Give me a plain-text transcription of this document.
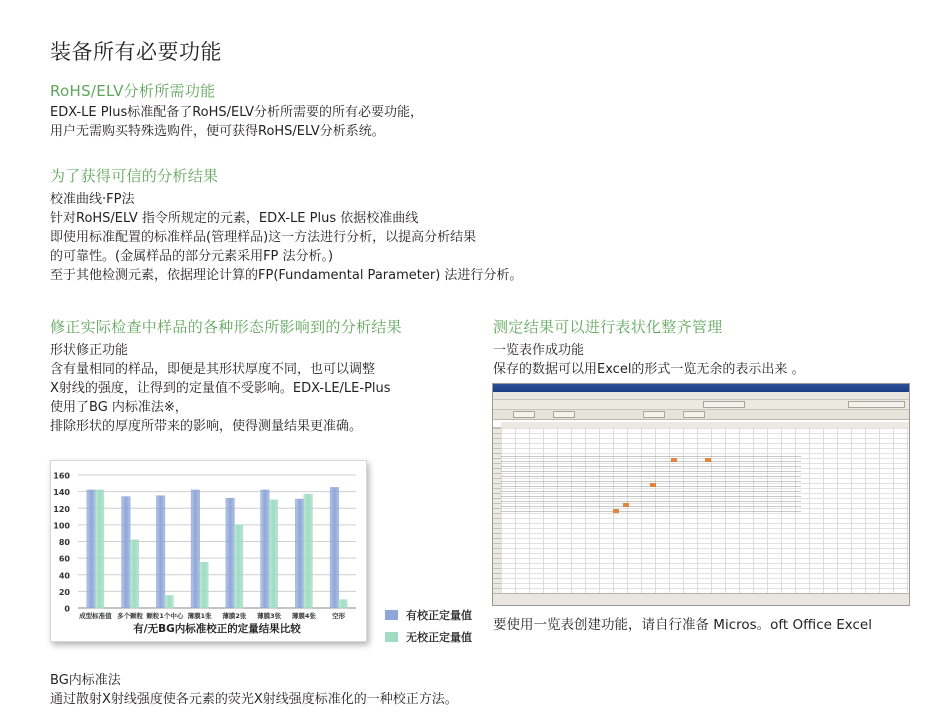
装备所有必要功能
RoHS/ELV分析所需功能
EDX-LE Plus标准配备了RoHS/ELV分析所需要的所有必要功能，
用户无需购买特殊选购件，便可获得RoHS/ELV分析系统。
为了获得可信的分析结果
校准曲线·FP法
针对RoHS/ELV 指令所规定的元素，EDX-LE Plus 依据校准曲线
即使用标准配置的标准样品(管理样品)这一方法进行分析，以提高分析结果
的可靠性。(金属样品的部分元素采用FP 法分析。)
至于其他检测元素，依据理论计算的FP(Fundamental Parameter) 法进行分析。
修正实际检查中样品的各种形态所影响到的分析结果
形状修正功能
含有量相同的样品，即便是其形状厚度不同，也可以调整
X射线的强度，让得到的定量值不受影响。EDX-LE/LE-Plus
使用了BG 内标准法※，
排除形状的厚度所带来的影响，使得测量结果更准确。
测定结果可以进行表状化整齐管理
一览表作成功能
保存的数据可以用Excel的形式一览无余的表示出来 。
0
20
40
60
80
100
120
140
160
成型标准值 多个颗粒 颗粒1个中心 薄膜1张 薄膜2张 薄膜3张 薄膜4张 空形
有/无BG内标准校正的定量结果比较
有校正定量值
无校正定量值
要使用一览表创建功能，请自行准备 Micros。oft Office Excel
BG内标准法
通过散射X射线强度使各元素的荧光X射线强度标准化的一种校正方法。
